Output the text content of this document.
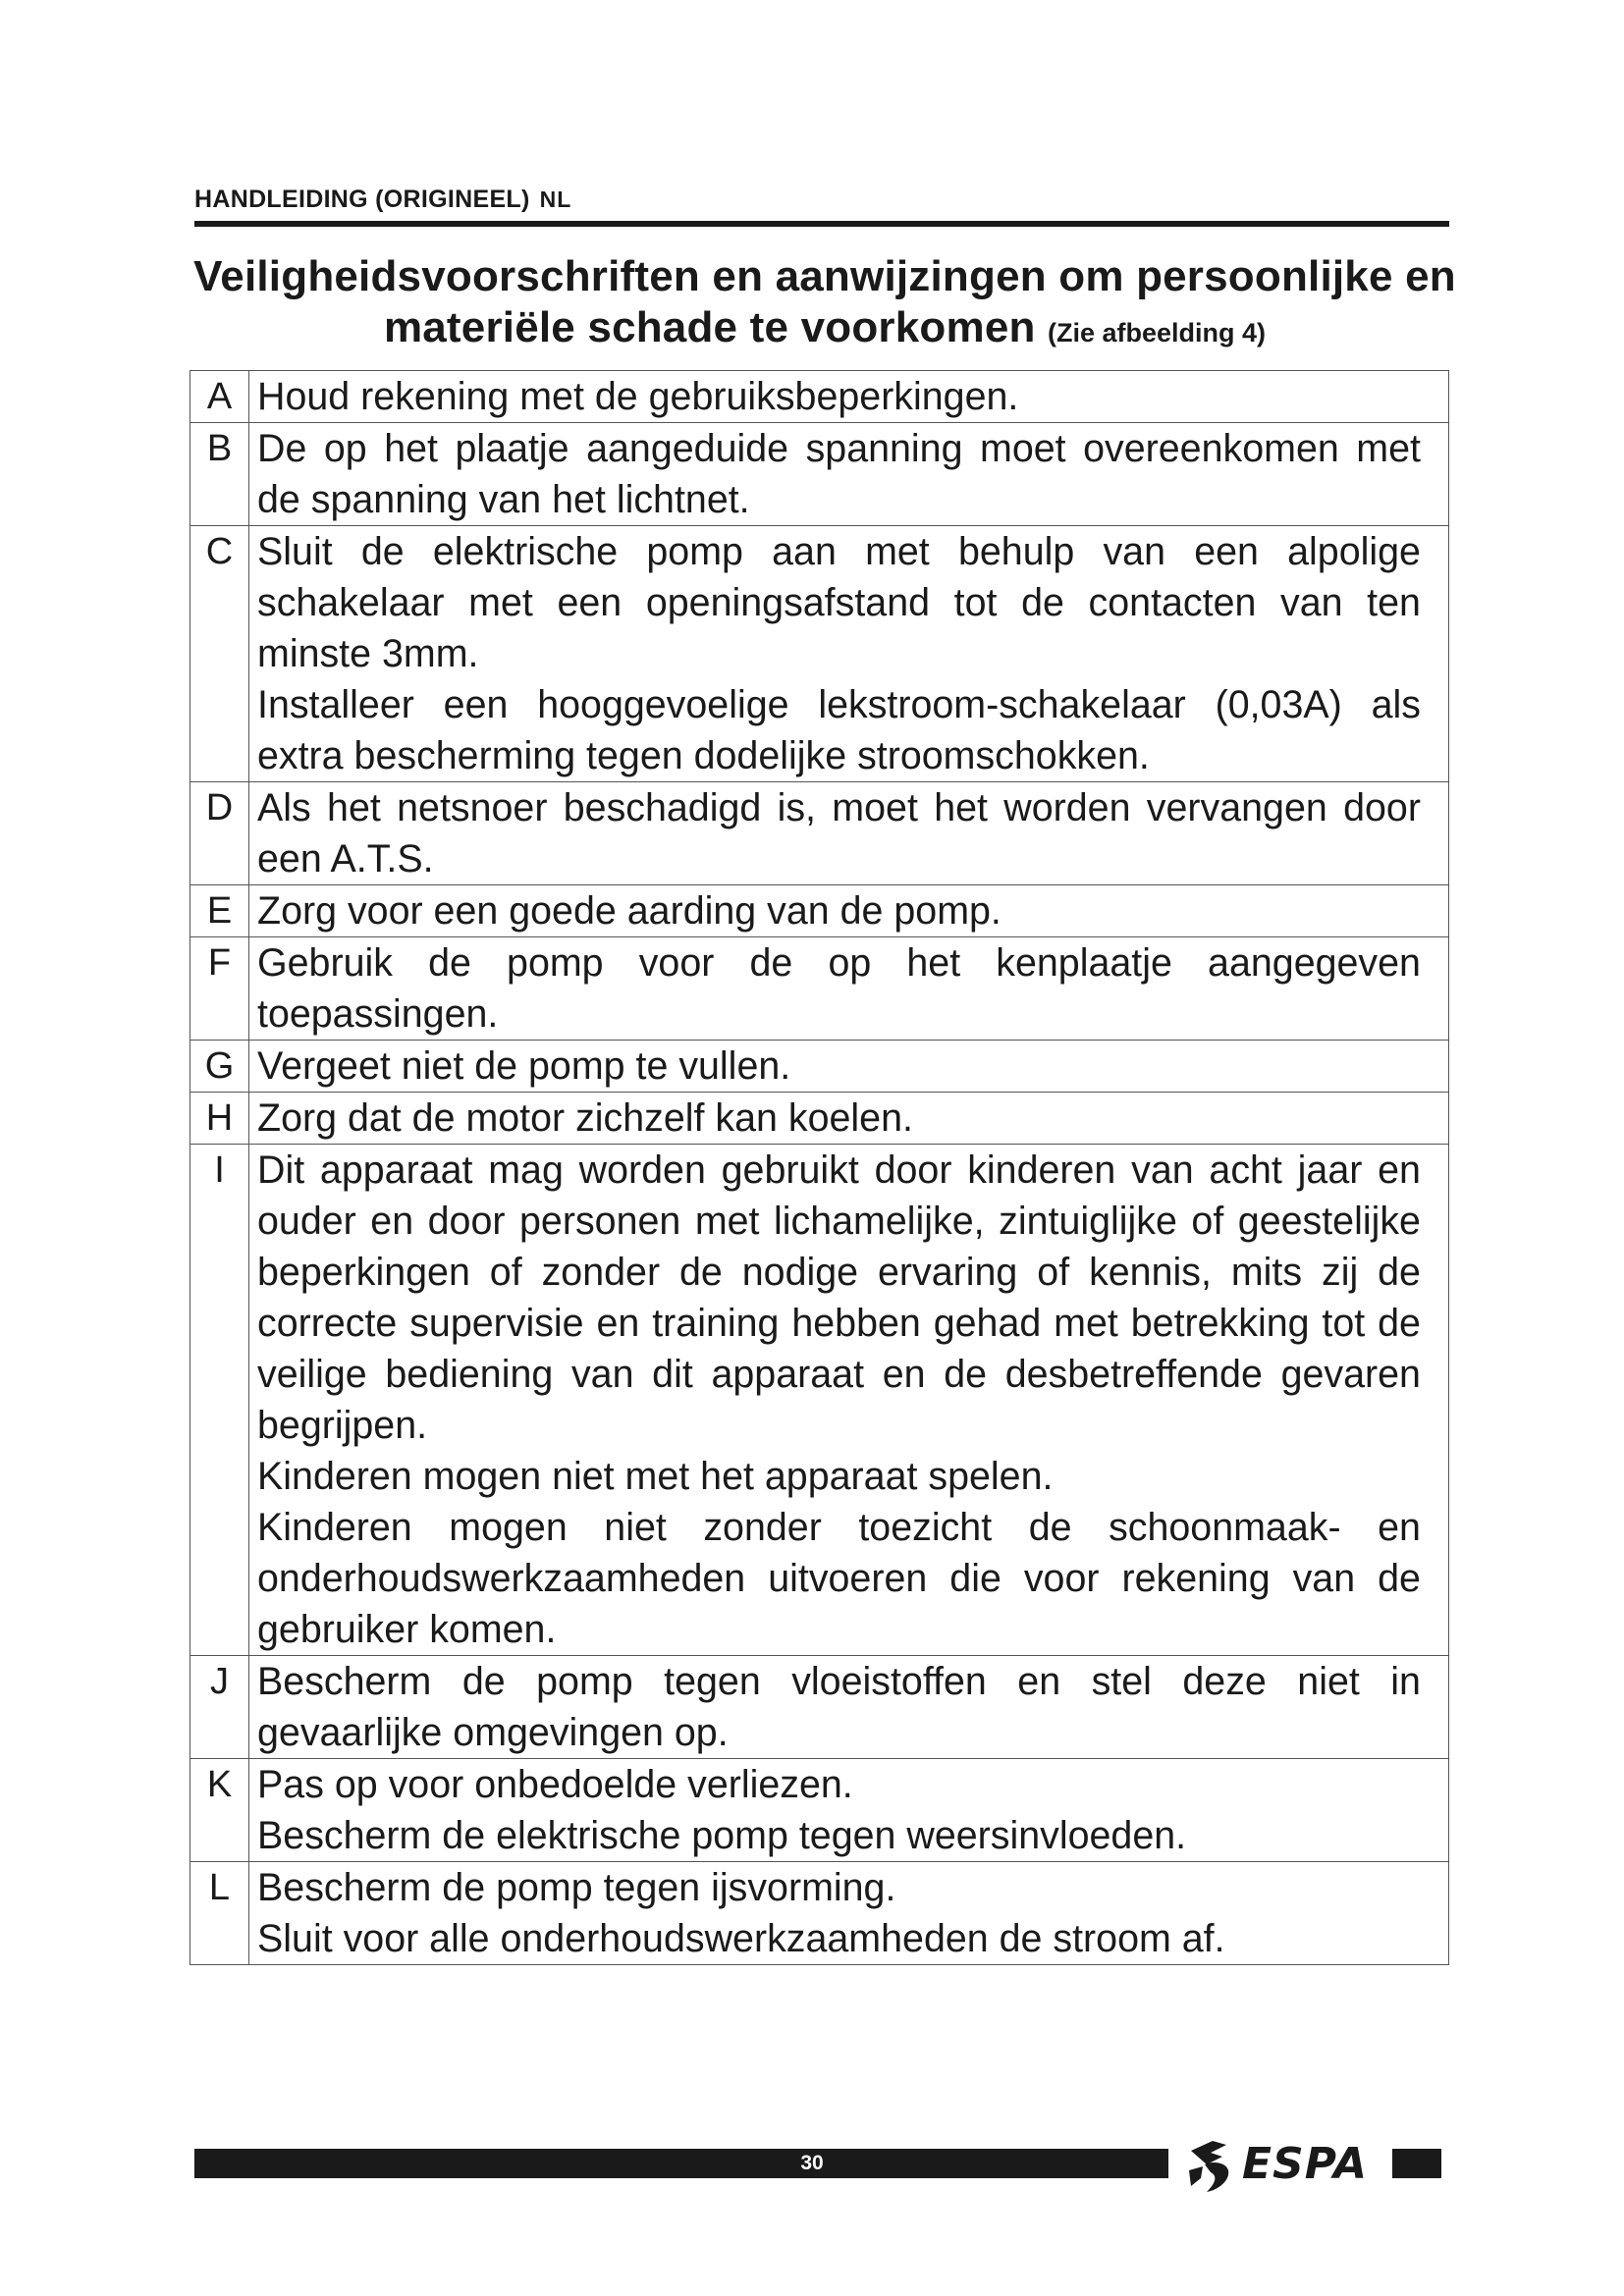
HANDLEIDING (ORIGINEEL) NL
Veiligheidsvoorschriften en aanwijzingen om persoonlijke en materiële schade te voorkomen (Zie afbeelding 4)
A	Houd rekening met de gebruiksbeperkingen.

B	De op het plaatje aangeduide spanning moet overeenkomen met de spanning van het lichtnet.

C	Sluit de elektrische pomp aan met behulp van een alpolige schakelaar met een openingsafstand tot de contacten van ten minste 3mm.
Installeer een hooggevoelige lekstroom-schakelaar (0,03A) als extra bescherming tegen dodelijke stroomschokken.

D	Als het netsnoer beschadigd is, moet het worden vervangen door een A.T.S.

E	Zorg voor een goede aarding van de pomp.

F	Gebruik de pomp voor de op het kenplaatje aangegeven toepassingen.

G	Vergeet niet de pomp te vullen.

H	Zorg dat de motor zichzelf kan koelen.

I	Dit apparaat mag worden gebruikt door kinderen van acht jaar en ouder en door personen met lichamelijke, zintuiglijke of geestelijke beperkingen of zonder de nodige ervaring of kennis, mits zij de correcte supervisie en training hebben gehad met betrekking tot de veilige bediening van dit apparaat en de desbetreffende gevaren begrijpen.
Kinderen mogen niet met het apparaat spelen.
Kinderen mogen niet zonder toezicht de schoonmaak- en onderhoudswerkzaamheden uitvoeren die voor rekening van de gebruiker komen.

J	Bescherm de pomp tegen vloeistoffen en stel deze niet in gevaarlijke omgevingen op.

K	Pas op voor onbedoelde verliezen.
Bescherm de elektrische pomp tegen weersinvloeden.

L	Bescherm de pomp tegen ijsvorming.
Sluit voor alle onderhoudswerkzaamheden de stroom af.
30	ESPA
